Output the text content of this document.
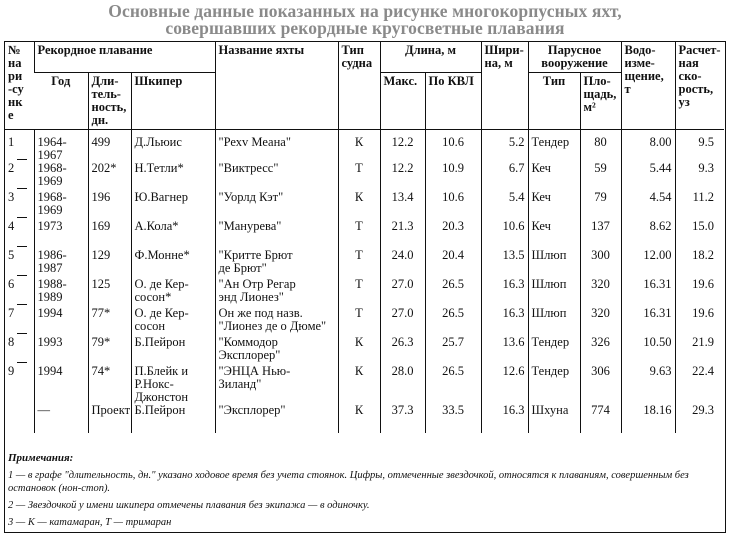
Основные данные показанных на рисунке многокорпусных яхт,
совершавших рекордные кругосветные плавания
№ на ри-сунке	Рекордное плавание			Название яхты	Тип судна	Длина, м		Шири-на, м	Парусное вооружение		Водо-изме-щение, т	Расчет-ная ско-рость, уз
	Год	Дли-тель-ность, дн.	Шкипер			Макс.	По КВЛ		Тип	Пло-щадь, м²		

1	1964-
1967	499	Д.Льюис	"Рехv Меана"	К	12.2	10.6	5.2	Тендер	80	8.00	9.5
2	1968-
1969	202*	Н.Тетли*	"Виктресс"	Т	12.2	10.9	6.7	Кеч	59	5.44	9.3
3	1968-
1969	196	Ю.Вагнер	"Уорлд Кэт"	К	13.4	10.6	5.4	Кеч	79	4.54	11.2
4	1973	169	А.Кола*	"Манурева"	Т	21.3	20.3	10.6	Кеч	137	8.62	15.0
5	1986-
1987	129	Ф.Монне*	"Критте Брют
де Брют"	Т	24.0	20.4	13.5	Шлюп	300	12.00	18.2
6	1988-
1989	125	О. де Кер-
сосон*	"Ан Отр Регар
энд Лионез"	Т	27.0	26.5	16.3	Шлюп	320	16.31	19.6
7	1994	77*	О. де Кер-
сосон	Он же под назв.
"Лионез де о Дюме"	Т	27.0	26.5	16.3	Шлюп	320	16.31	19.6
8	1993	79*	Б.Пейрон	"Коммодор
Эксплорер"	К	26.3	25.7	13.6	Тендер	326	10.50	21.9
9	1994	74*	П.Блейк и
Р.Нокс-
Джонстон	"ЭНЦА Нью-
Зиланд"	К	28.0	26.5	12.6	Тендер	306	9.63	22.4
	—	Проект	Б.Пейрон	"Эксплорер"	К	37.3	33.5	16.3	Шхуна	774	18.16	29.3

Примечания:

1 — в графе "длительность, дн." указано ходовое время без учета стоянок. Цифры, отмеченные звездочкой, относятся к плаваниям, совершенным без остановок (нон-стоп).

2 — Звездочкой у имени шкипера отмечены плавания без экипажа — в одиночку.

3 — К — катамаран, Т — тримаран
